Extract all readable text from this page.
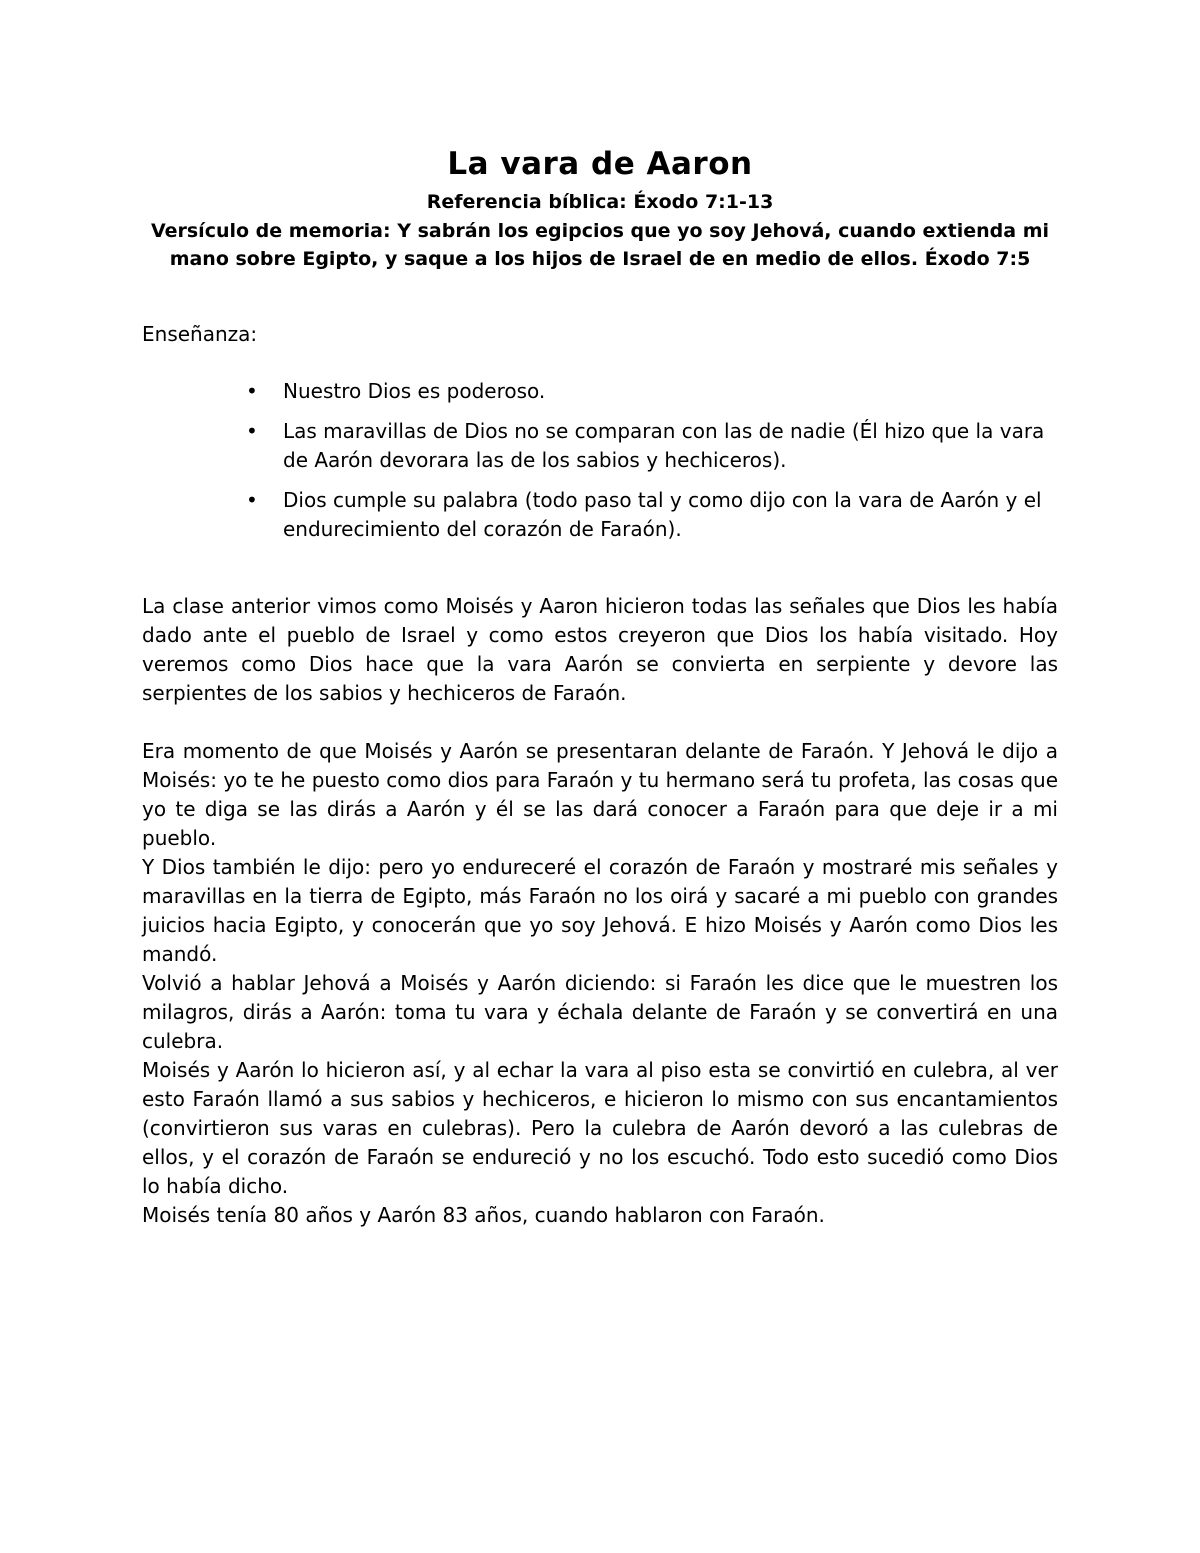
La vara de Aaron

Referencia bíblica: Éxodo 7:1-13

Versículo de memoria: Y sabrán los egipcios que yo soy Jehová, cuando extienda mi mano sobre Egipto, y saque a los hijos de Israel de en medio de ellos. Éxodo 7:5

Enseñanza:

• Nuestro Dios es poderoso.
• Las maravillas de Dios no se comparan con las de nadie (Él hizo que la vara de Aarón devorara las de los sabios y hechiceros).
• Dios cumple su palabra (todo paso tal y como dijo con la vara de Aarón y el endurecimiento del corazón de Faraón).

La clase anterior vimos como Moisés y Aaron hicieron todas las señales que Dios les había dado ante el pueblo de Israel y como estos creyeron que Dios los había visitado. Hoy veremos como Dios hace que la vara Aarón se convierta en serpiente y devore las serpientes de los sabios y hechiceros de Faraón.

Era momento de que Moisés y Aarón se presentaran delante de Faraón. Y Jehová le dijo a Moisés: yo te he puesto como dios para Faraón y tu hermano será tu profeta, las cosas que yo te diga se las dirás a Aarón y él se las dará conocer a Faraón para que deje ir a mi pueblo.

Y Dios también le dijo: pero yo endureceré el corazón de Faraón y mostraré mis señales y maravillas en la tierra de Egipto, más Faraón no los oirá y sacaré a mi pueblo con grandes juicios hacia Egipto, y conocerán que yo soy Jehová. E hizo Moisés y Aarón como Dios les mandó.

Volvió a hablar Jehová a Moisés y Aarón diciendo: si Faraón les dice que le muestren los milagros, dirás a Aarón: toma tu vara y échala delante de Faraón y se convertirá en una culebra.

Moisés y Aarón lo hicieron así, y al echar la vara al piso esta se convirtió en culebra, al ver esto Faraón llamó a sus sabios y hechiceros, e hicieron lo mismo con sus encantamientos (convirtieron sus varas en culebras). Pero la culebra de Aarón devoró a las culebras de ellos, y el corazón de Faraón se endureció y no los escuchó. Todo esto sucedió como Dios lo había dicho.

Moisés tenía 80 años y Aarón 83 años, cuando hablaron con Faraón.
